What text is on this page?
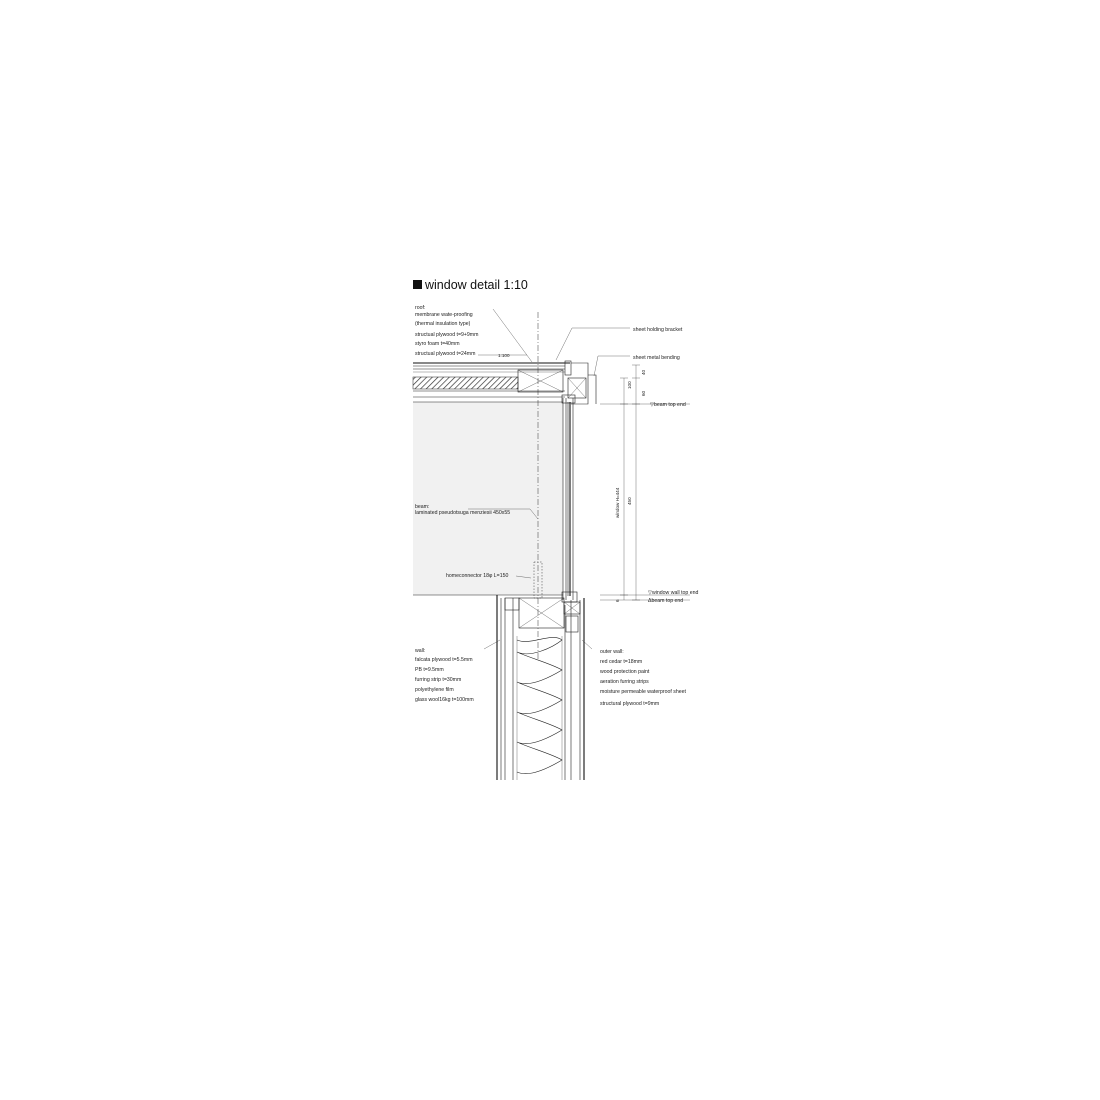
window detail 1:10
roof:
membrane wate-proofing
(thermal insulation type)
structual plywood t=9+9mm
styro foam t=40mm
structual plywood t=24mm	1:100
sheet holding bracket
sheet metal bending
▽beam top end
beam:
laminated pseudotsuga menziesii 450x55
homeconnector 18φ L=150
▽window wall top end
Δbeam top end
wall:
falcata plywood t=5.5mm
PB t=9.5mm
furring strip t=30mm
polyethylene film
glass wool16kg t=100mm
outer wall:
red cedar t=18mm
wood protection paint
aeration furring strips
moisture permeable waterproof sheet
structural plywood t=9mm
40
60
100
450
window H=444
6
